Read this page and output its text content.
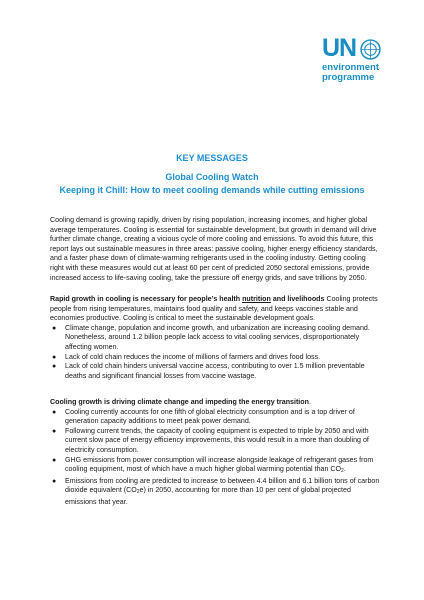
UN
environment
programme
KEY MESSAGES
Global Cooling Watch
Keeping it Chill: How to meet cooling demands while cutting emissions

Cooling demand is growing rapidly, driven by rising population, increasing incomes, and higher global average temperatures. Cooling is essential for sustainable development, but growth in demand will drive further climate change, creating a vicious cycle of more cooling and emissions. To avoid this future, this report lays out sustainable measures in three areas: passive cooling, higher energy efficiency standards, and a faster phase down of climate-warming refrigerants used in the cooling industry. Getting cooling right with these measures would cut at least 60 per cent of predicted 2050 sectoral emissions, provide increased access to life-saving cooling, take the pressure off energy grids, and save trillions by 2050.

Rapid growth in cooling is necessary for people’s health nutrition and livelihoods Cooling protects people from rising temperatures, maintains food quality and safety, and keeps vaccines stable and economies productive. Cooling is critical to meet the sustainable development goals.

● Climate change, population and income growth, and urbanization are increasing cooling demand. Nonetheless, around 1.2 billion people lack access to vital cooling services, disproportionately affecting women.
● Lack of cold chain reduces the income of millions of farmers and drives food loss.
● Lack of cold chain hinders universal vaccine access, contributing to over 1.5 million preventable deaths and significant financial losses from vaccine wastage.

Cooling growth is driving climate change and impeding the energy transition.

● Cooling currently accounts for one fifth of global electricity consumption and is a top driver of generation capacity additions to meet peak power demand.
● Following current trends, the capacity of cooling equipment is expected to triple by 2050 and with current slow pace of energy efficiency improvements, this would result in a more than doubling of electricity consumption.
● GHG emissions from power consumption will increase alongside leakage of refrigerant gases from cooling equipment, most of which have a much higher global warming potential than $CO_2$.
● Emissions from cooling are predicted to increase to between 4.4 billion and 6.1 billion tons of carbon dioxide equivalent $(CO_2e)$ in 2050, accounting for more than 10 per cent of global projected emissions that year.
